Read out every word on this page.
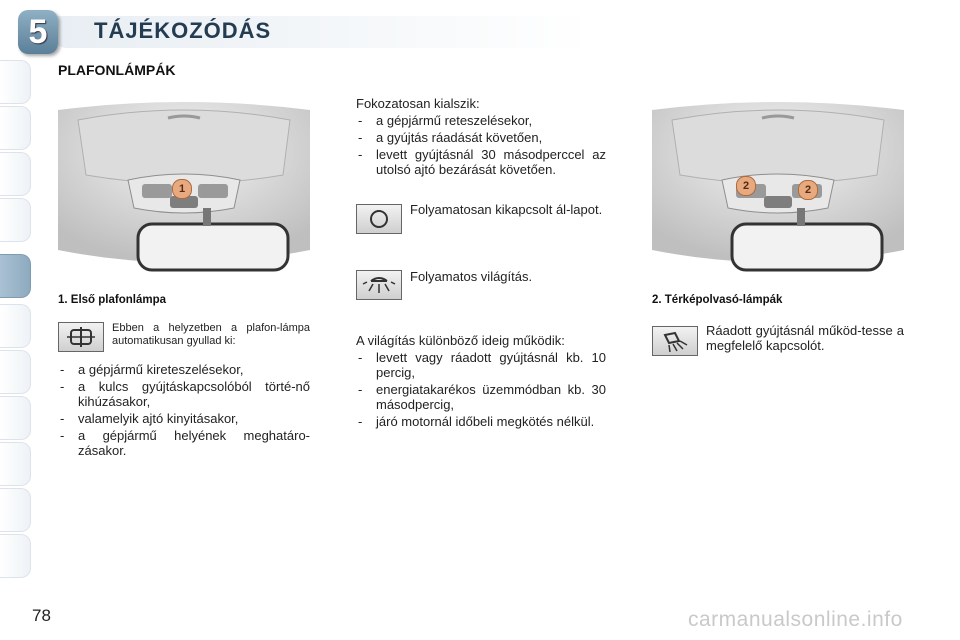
5	TÁJÉKOZÓDÁS
PLAFONLÁMPÁK
1	2	2
1. Első plafonlámpa
Ebben a helyzetben a plafon-lámpa automatikusan gyullad ki:
- a gépjármű kireteszelésekor,
- a kulcs gyújtáskapcsolóból törté-nő kihúzásakor,
- valamelyik ajtó kinyitásakor,
- a gépjármű helyének meghatáro-zásakor.
Fokozatosan kialszik:
- a gépjármű reteszelésekor,
- a gyújtás ráadását követően,
- levett gyújtásnál 30 másodperccel az utolsó ajtó bezárását követően.
Folyamatosan kikapcsolt ál-lapot.
Folyamatos világítás.
A világítás különböző ideig működik:
- levett vagy ráadott gyújtásnál kb. 10 percig,
- energiatakarékos üzemmódban kb. 30 másodpercig,
- járó motornál időbeli megkötés nélkül.
2. Térképolvasó-lámpák
Ráadott gyújtásnál működ-tesse a megfelelő kapcsolót.
78	carmanualsonline.info
